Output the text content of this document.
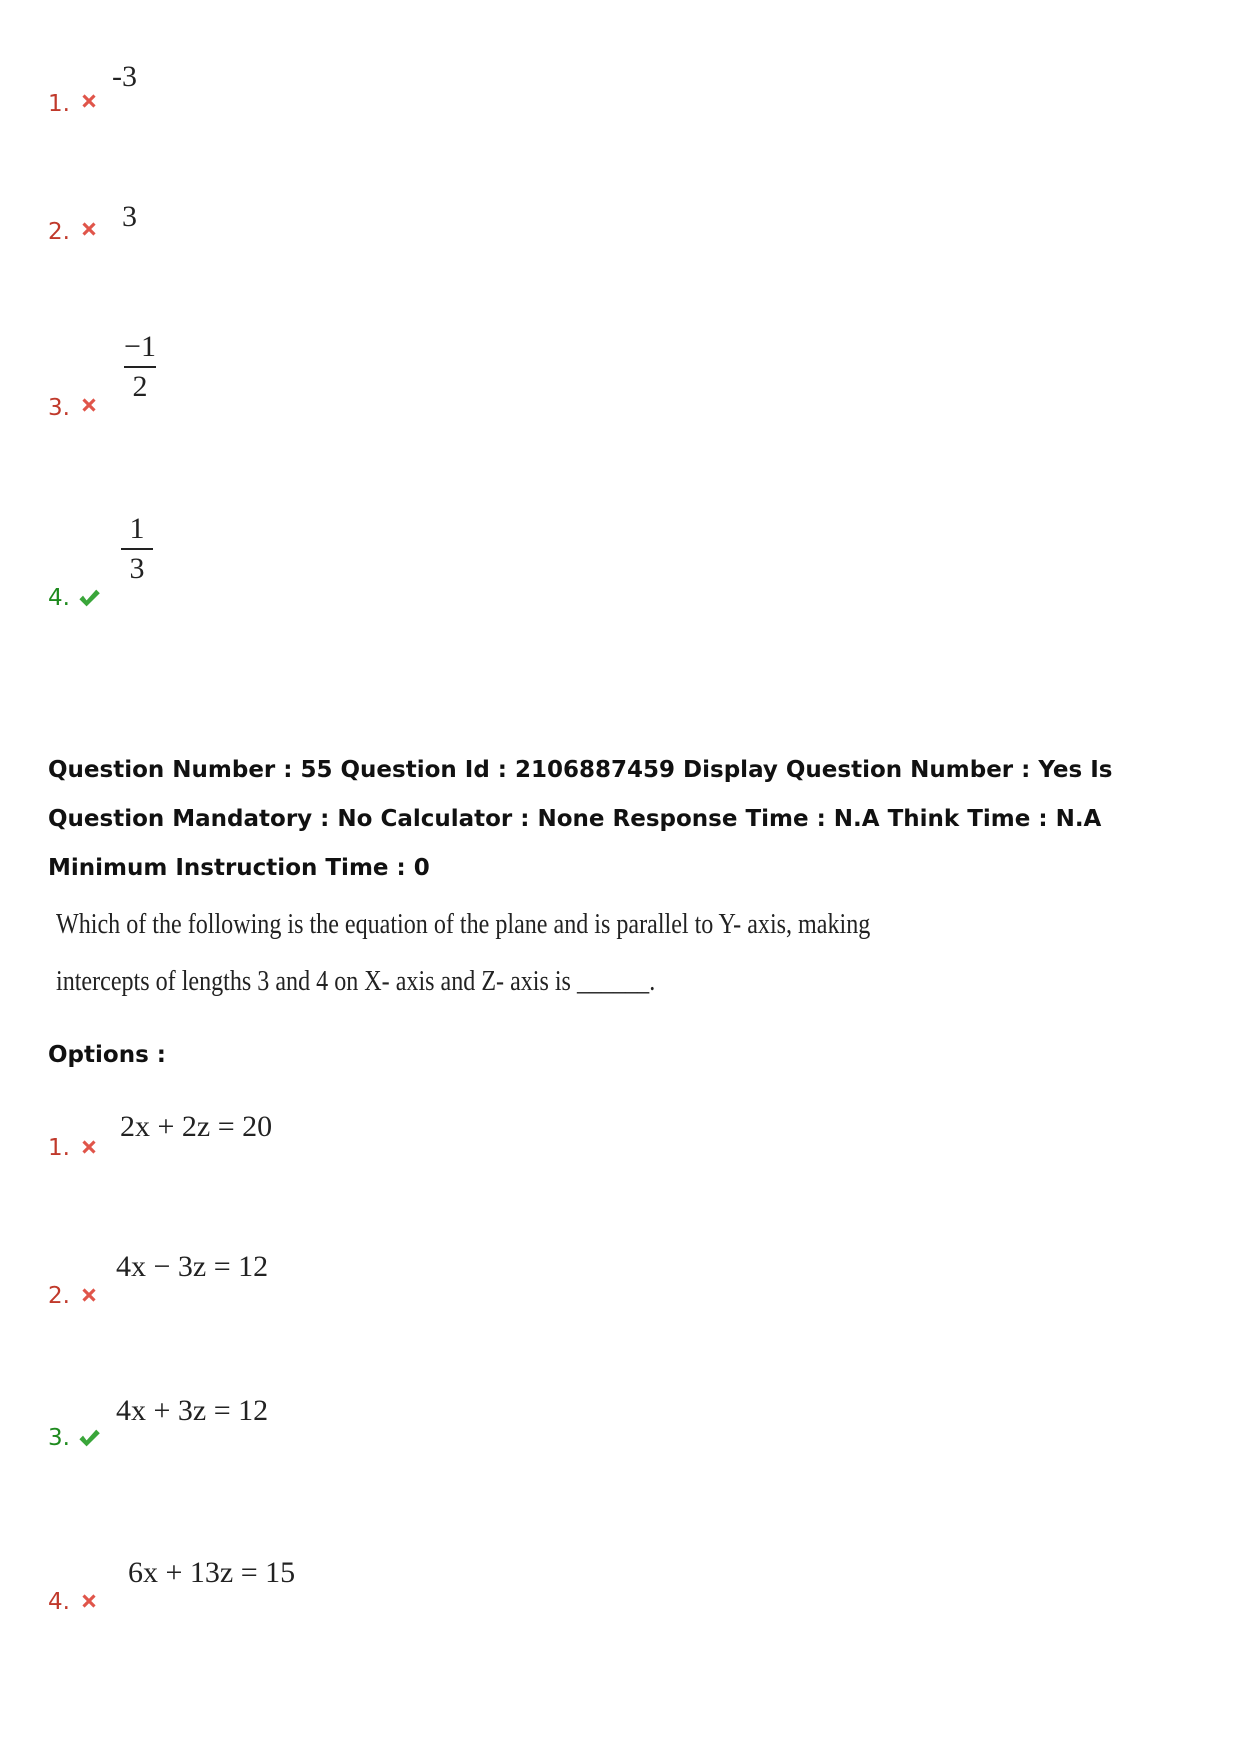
1.
-3
2. 3
3.
−1
2
4.
1
3
Question Number : 55 Question Id : 2106887459 Display Question Number : Yes Is Question Mandatory : No Calculator : None Response Time : N.A Think Time : N.A Minimum Instruction Time : 0
Which of the following is the equation of the plane and is parallel to Y- axis, making
intercepts of lengths 3 and 4 on X- axis and Z- axis is ______.
Options :
1.
2x + 2z = 20
2.
4x − 3z = 12
3.
4x + 3z = 12
4.
6x + 13z = 15
